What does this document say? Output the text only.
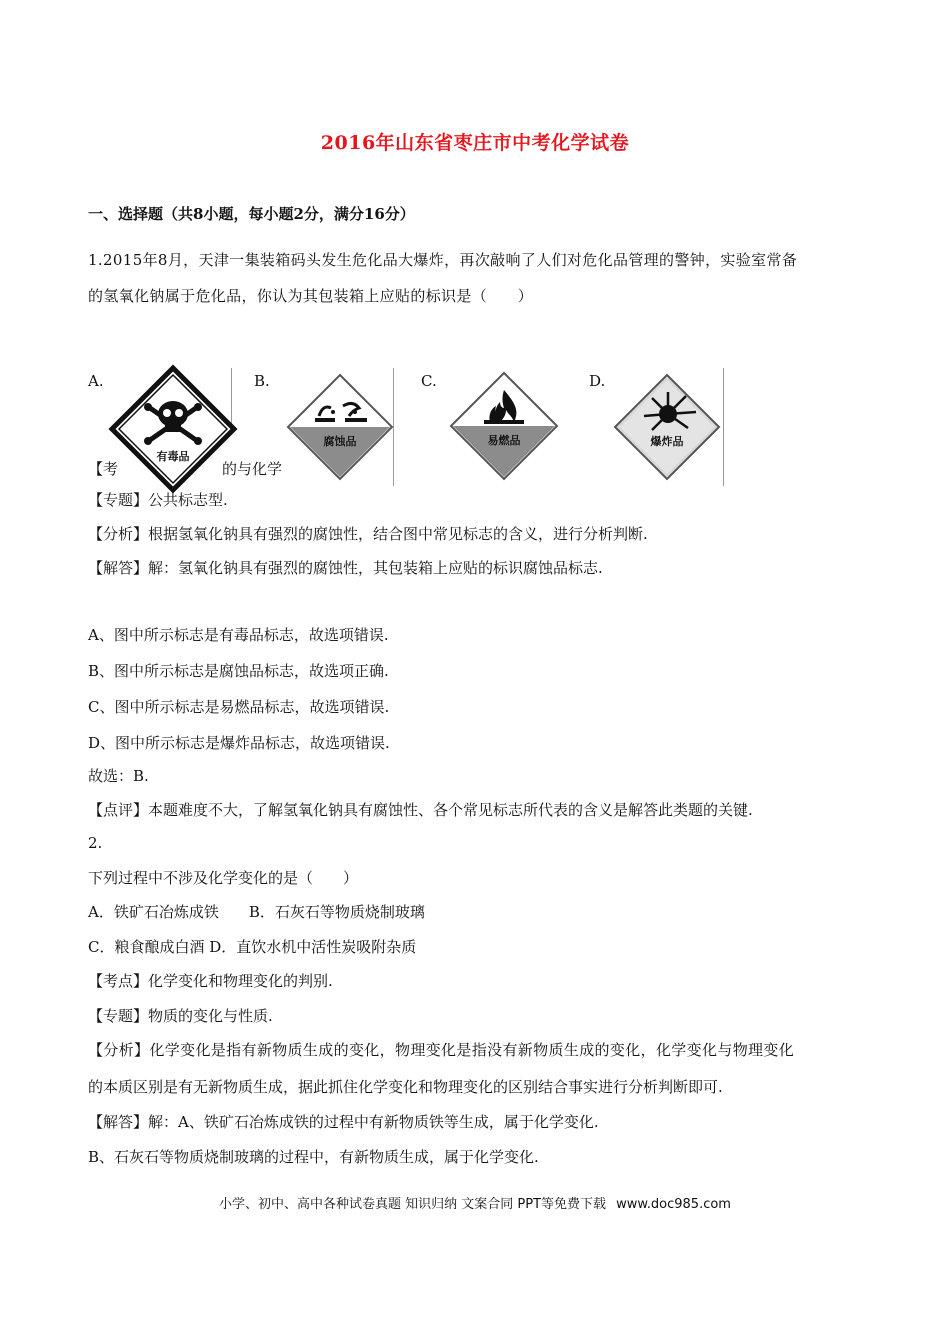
2016年山东省枣庄市中考化学试卷
一、选择题（共8小题，每小题2分，满分16分）
1.2015年8月，天津一集装箱码头发生危化品大爆炸，再次敲响了人们对危化品管理的警钟，实验室常备
的氢氧化钠属于危化品，你认为其包装箱上应贴的标识是（　　）
A.	B.	C.	D.
【考	的与化学
有毒品
腐蚀品	易燃品	爆炸品
【专题】公共标志型.
【分析】根据氢氧化钠具有强烈的腐蚀性，结合图中常见标志的含义，进行分析判断.
【解答】解：氢氧化钠具有强烈的腐蚀性，其包装箱上应贴的标识腐蚀品标志.
A、图中所示标志是有毒品标志，故选项错误.
B、图中所示标志是腐蚀品标志，故选项正确.
C、图中所示标志是易燃品标志，故选项错误.
D、图中所示标志是爆炸品标志，故选项错误.
故选：B.
【点评】本题难度不大，了解氢氧化钠具有腐蚀性、各个常见标志所代表的含义是解答此类题的关键.
2.
下列过程中不涉及化学变化的是（　　）
A．铁矿石冶炼成铁　　B．石灰石等物质烧制玻璃
C．粮食酿成白酒 D．直饮水机中活性炭吸附杂质
【考点】化学变化和物理变化的判别.
【专题】物质的变化与性质.
【分析】化学变化是指有新物质生成的变化，物理变化是指没有新物质生成的变化，化学变化与物理变化
的本质区别是有无新物质生成，据此抓住化学变化和物理变化的区别结合事实进行分析判断即可.
【解答】解：A、铁矿石冶炼成铁的过程中有新物质铁等生成，属于化学变化.
B、石灰石等物质烧制玻璃的过程中，有新物质生成，属于化学变化.
小学、初中、高中各种试卷真题 知识归纳 文案合同 PPT等免费下载 www.doc985.com
